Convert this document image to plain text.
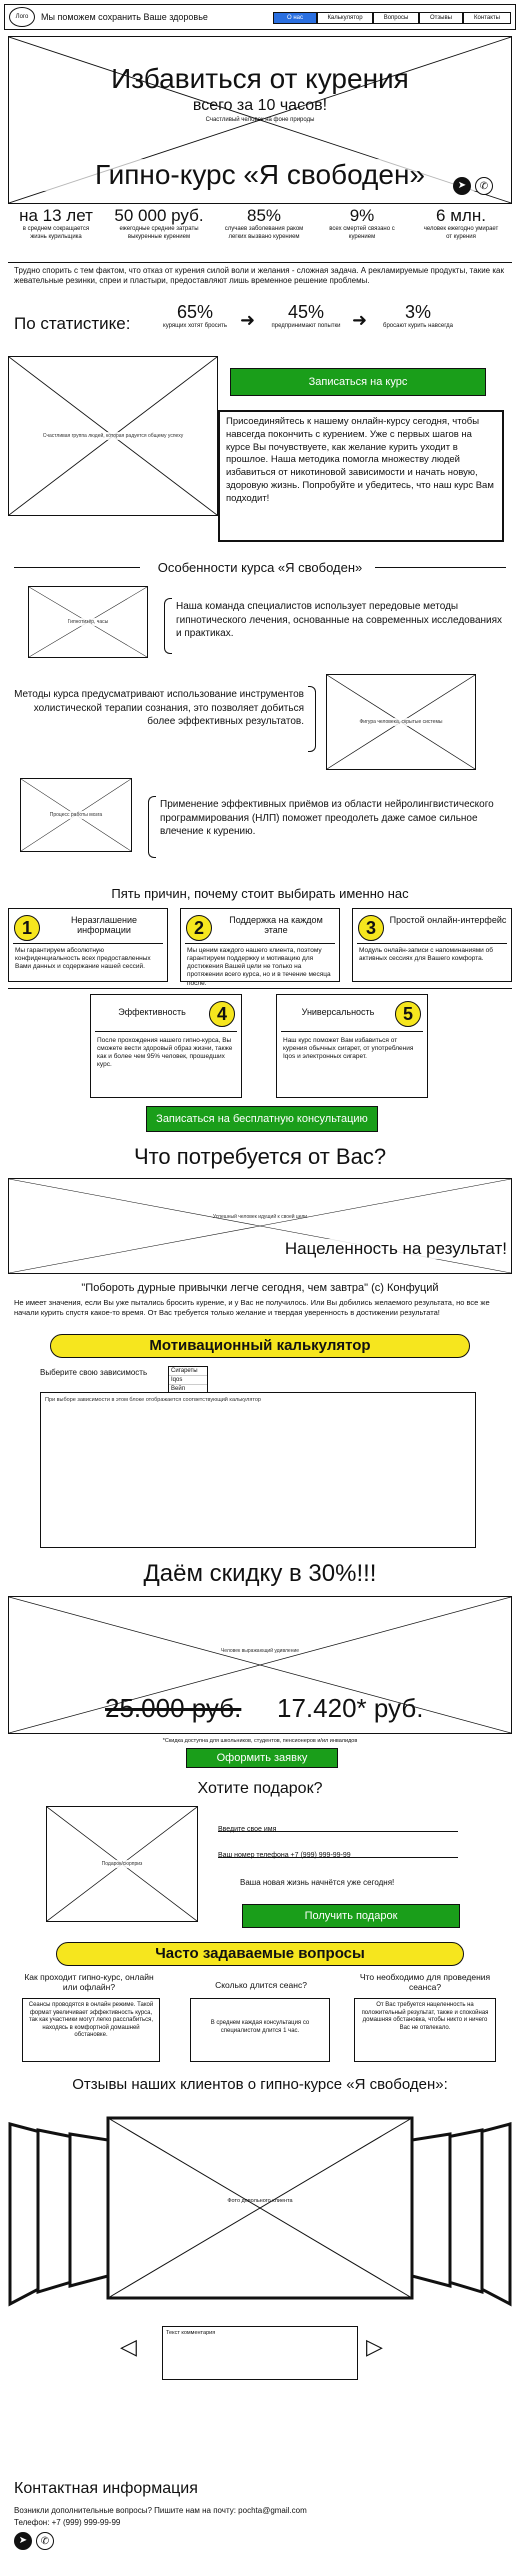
Лого	Мы поможем сохранить Ваше здоровье	О нас	Калькулятор	Вопросы	Отзывы	Контакты
Избавиться от курения
всего за 10 часов!
Счастливый человек на фоне природы
Гипно-курс «Я свободен»	➤	✆
на 13 лет
в среднем сокращается жизнь курильщика
50 000 руб.
ежегодные средние затраты выкуренные курением
85%
случаев заболевания раком легких вызвано курением
9%
всех смертей связано с курением
6 млн.
человек ежегодно умирает от курения
Трудно спорить с тем фактом, что отказ от курения силой воли и желания - сложная задача. А рекламируемые продукты, такие как жевательные резинки, спреи и пластыри, предоставляют лишь временное решение проблемы.
По статистике:
65%
курящих хотят бросить ➜	45%
предпринимают попытки ➜	3%
бросают курить навсегда
Счастливая группа людей, которая радуется общему успеху
Записаться на курс
Присоединяйтесь к нашему онлайн-курсу сегодня, чтобы навсегда покончить с курением. Уже с первых шагов на курсе Вы почувствуете, как желание курить уходит в прошлое. Наша методика помогла множеству людей избавиться от никотиновой зависимости и начать новую, здоровую жизнь. Попробуйте и убедитесь, что наш курс Вам подходит!
Особенности курса «Я свободен»
Гипнотизёр, часы
Наша команда специалистов использует передовые методы гипнотического лечения, основанные на современных исследованиях и практиках.
Методы курса предусматривают использование инструментов холистической терапии сознания, это позволяет добиться более эффективных результатов.	Фигура человека, скрытые системы
Процесс работы мозга
Применение эффективных приёмов из области нейролингвистического программирования (НЛП) поможет преодолеть даже самое сильное влечение к курению.
Пять причин, почему стоит выбирать именно нас
1	Неразглашение информации
Мы гарантируем абсолютную конфиденциальность всех предоставленных Вами данных и содержание нашей сессий.
2	Поддержка на каждом этапе
Мы ценим каждого нашего клиента, поэтому гарантируем поддержку и мотивацию для достижения Вашей цели не только на протяжении всего курса, но и в течение месяца после.
3	Простой онлайн-интерфейс
Модуль онлайн-записи с напоминаниями об активных сессиях для Вашего комфорта.
Эффективность	4
После прохождения нашего гипно-курса, Вы сможете вести здоровый образ жизни, также как и более чем 95% человек, прошедших курс.
Универсальность	5
Наш курс поможет Вам избавиться от курения обычных сигарет, от употребления Iqos и электронных сигарет.
Записаться на бесплатную консультацию
Что потребуется от Вас?
Успешный человек идущий к своей цели
Нацеленность на результат!
"Побороть дурные привычки легче сегодня, чем завтра" (с) Конфуций
Не имеет значения, если Вы уже пытались бросить курение, и у Вас не получилось. Или Вы добились желаемого результата, но все же начали курить спустя какое-то время. От Вас требуется только желание и твердая уверенность в достижении результата!
Мотивационный калькулятор
Выберите свою зависимость	Сигареты
Iqos
Вейп
При выборе зависимости в этом блоке отображается соответствующий калькулятор
Даём скидку в 30%!!!
Человек выражающий удивление
25.000 руб. 17.420* руб.
*Скидка доступна для школьников, студентов, пенсионеров и/ил инвалидов
Оформить заявку
Хотите подарок?
Подарок/сюрприз
Введите свое имя
Ваш номер телефона +7 (999) 999-99-99
Ваша новая жизнь начнётся уже сегодня!
Получить подарок
Часто задаваемые вопросы
Как проходит гипно-курс, онлайн или офлайн?
Сеансы проводятся в онлайн режиме. Такой формат увеличивает эффективность курса, так как участники могут легко расслабиться, находясь в комфортной домашней обстановке.
Сколько длится сеанс?
В среднем каждая консультация со специалистом длится 1 час.
Что необходимо для проведения сеанса?
От Вас требуется нацеленность на положительный результат, также и спокойная домашняя обстановка, чтобы никто и ничего Вас не отвлекало.
Отзывы наших клиентов о гипно-курсе «Я свободен»:
Фото довольного клиента
◁
Текст комментария
▷
Контактная информация
Возникли дополнительные вопросы? Пишите нам на почту: pochta@gmail.com
Телефон: +7 (999) 999-99-99
➤	✆
